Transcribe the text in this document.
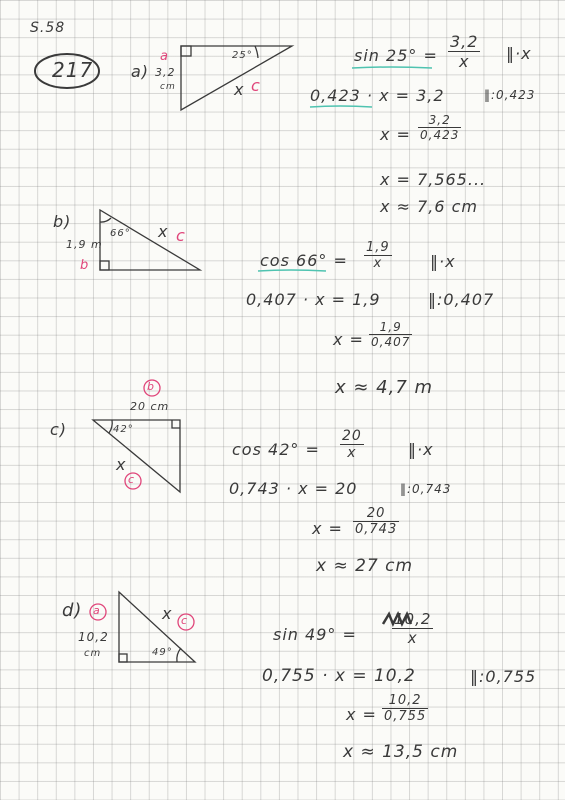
S.58
217 a)
a
3,2
cm
25°
x c
$\sin 25^\circ = \frac{3,2}{x}$ ‖·x
0,423 · x = 3,2	‖:0,423
$x = \frac{3,2}{0,423}$
x = 7,565...
x ≈ 7,6 cm
b)
1,9 m
b
66° x c
$\cos 66^\circ = \frac{1,9}{x}$ ‖·x
0,407 · x = 1,9	‖:0,407
$x = \frac{1,9}{0,407}$
x ≈ 4,7 m
c)
b
20 cm
42°
x
c
$\cos 42^\circ = \frac{20}{x}$	‖·x
0,743 · x = 20	‖:0,743
$x = \frac{20}{0,743}$
x ≈ 27 cm
d) a
10,2
cm	49°
x c
$\sin 49^\circ = \frac{10,2}{x}$
0,755 · x = 10,2	‖:0,755
$x = \frac{10,2}{0,755}$
x ≈ 13,5 cm
